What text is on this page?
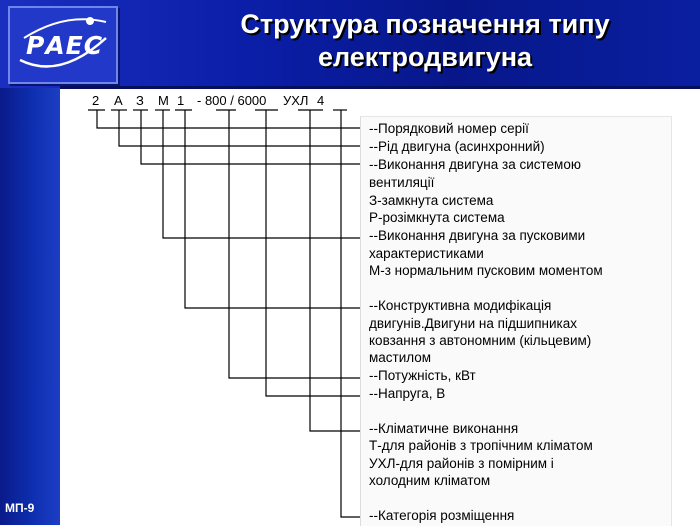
РАЕС
Структура позначення типу
електродвигуна
МП-9
2 А З М 1 - 800 / 6000 УХЛ 4
--Порядковий номер серії
--Рід двигуна (асинхронний)
--Виконання двигуна за системою
вентиляції
З-замкнута система
Р-розімкнута система
--Виконання двигуна за пусковими
характеристиками
М-з нормальним пусковим моментом
--Конструктивна модифікація
двигунів.Двигуни на підшипниках
ковзання з автономним (кільцевим)
мастилом
--Потужність, кВт
--Напруга, В
--Кліматичне виконання
Т-для районів з тропічним кліматом
УХЛ-для районів з помірним і
холодним кліматом
--Категорія розміщення
